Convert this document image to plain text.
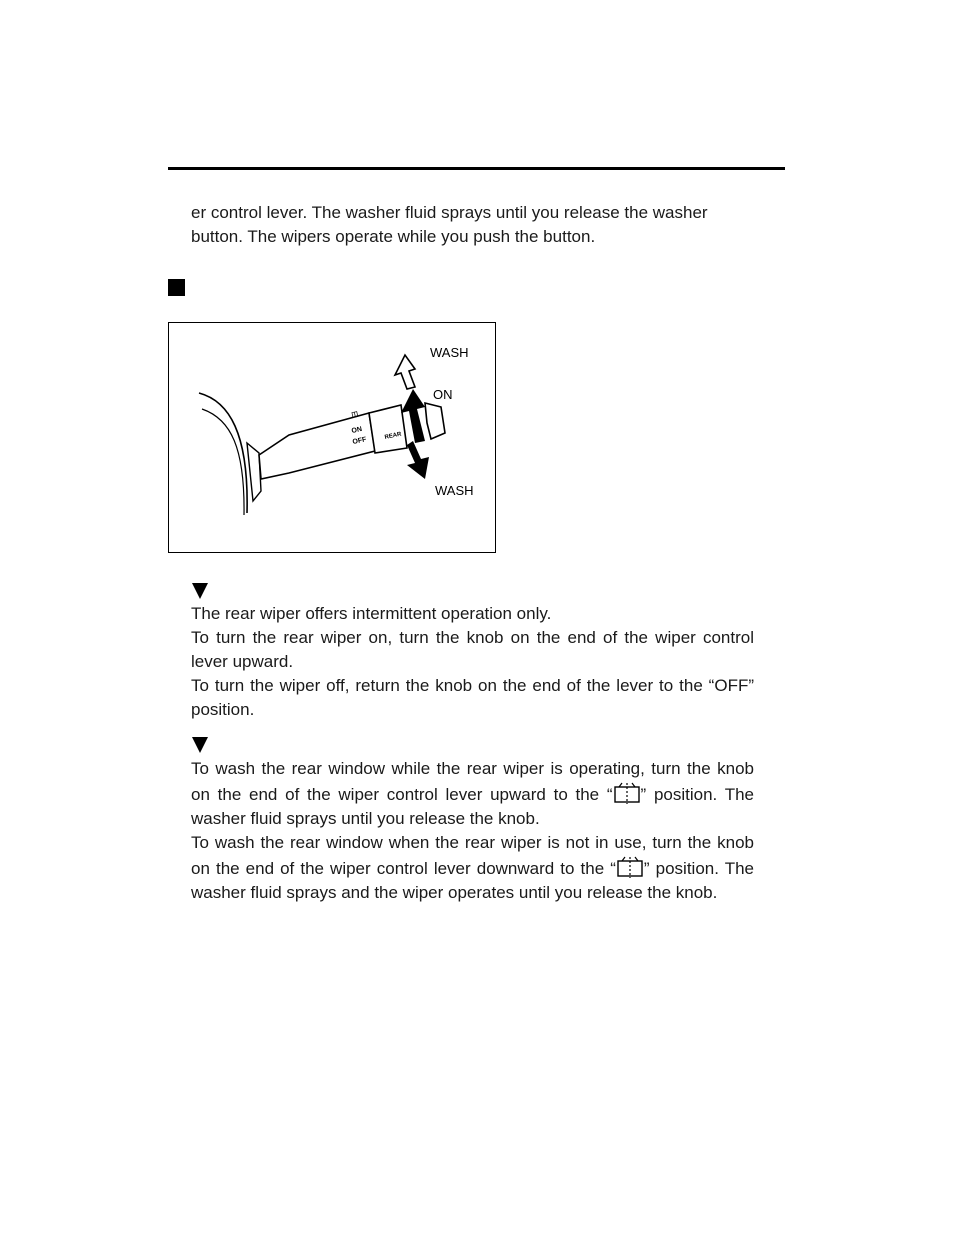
er control lever. The washer fluid sprays until you release the washer
button. The wipers operate while you push the button.

◫
ON
OFF	REAR
WASH
ON
WASH
The rear wiper offers intermittent operation only.
To turn the rear wiper on, turn the knob on the end of the wiper control lever upward.
To turn the wiper off, return the knob on the end of the lever to the “OFF” position.
To wash the rear window while the rear wiper is operating, turn the knob on the end of the wiper control lever upward to the “ ” position. The washer fluid sprays until you release the knob.
To wash the rear window when the rear wiper is not in use, turn the knob on the end of the wiper control lever downward to the “ ” position. The washer fluid sprays and the wiper operates until you release the knob.
